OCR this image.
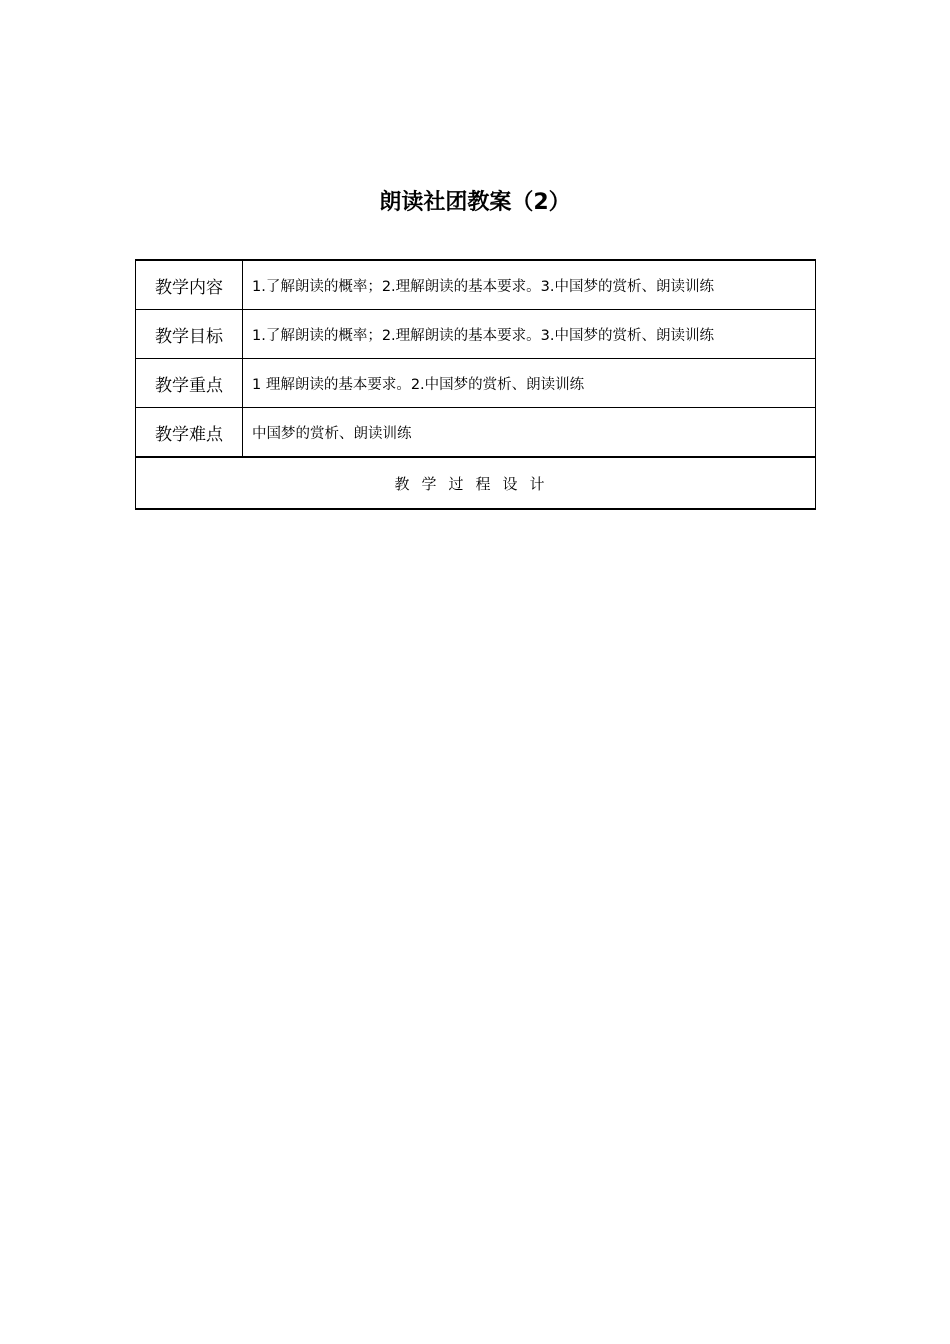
朗读社团教案（2）
教学内容	1.了解朗读的概率；2.理解朗读的基本要求。3.中国梦的赏析、朗读训练
教学目标	1.了解朗读的概率；2.理解朗读的基本要求。3.中国梦的赏析、朗读训练
教学重点	1 理解朗读的基本要求。2.中国梦的赏析、朗读训练
教学难点	中国梦的赏析、朗读训练
教学过程设计	
